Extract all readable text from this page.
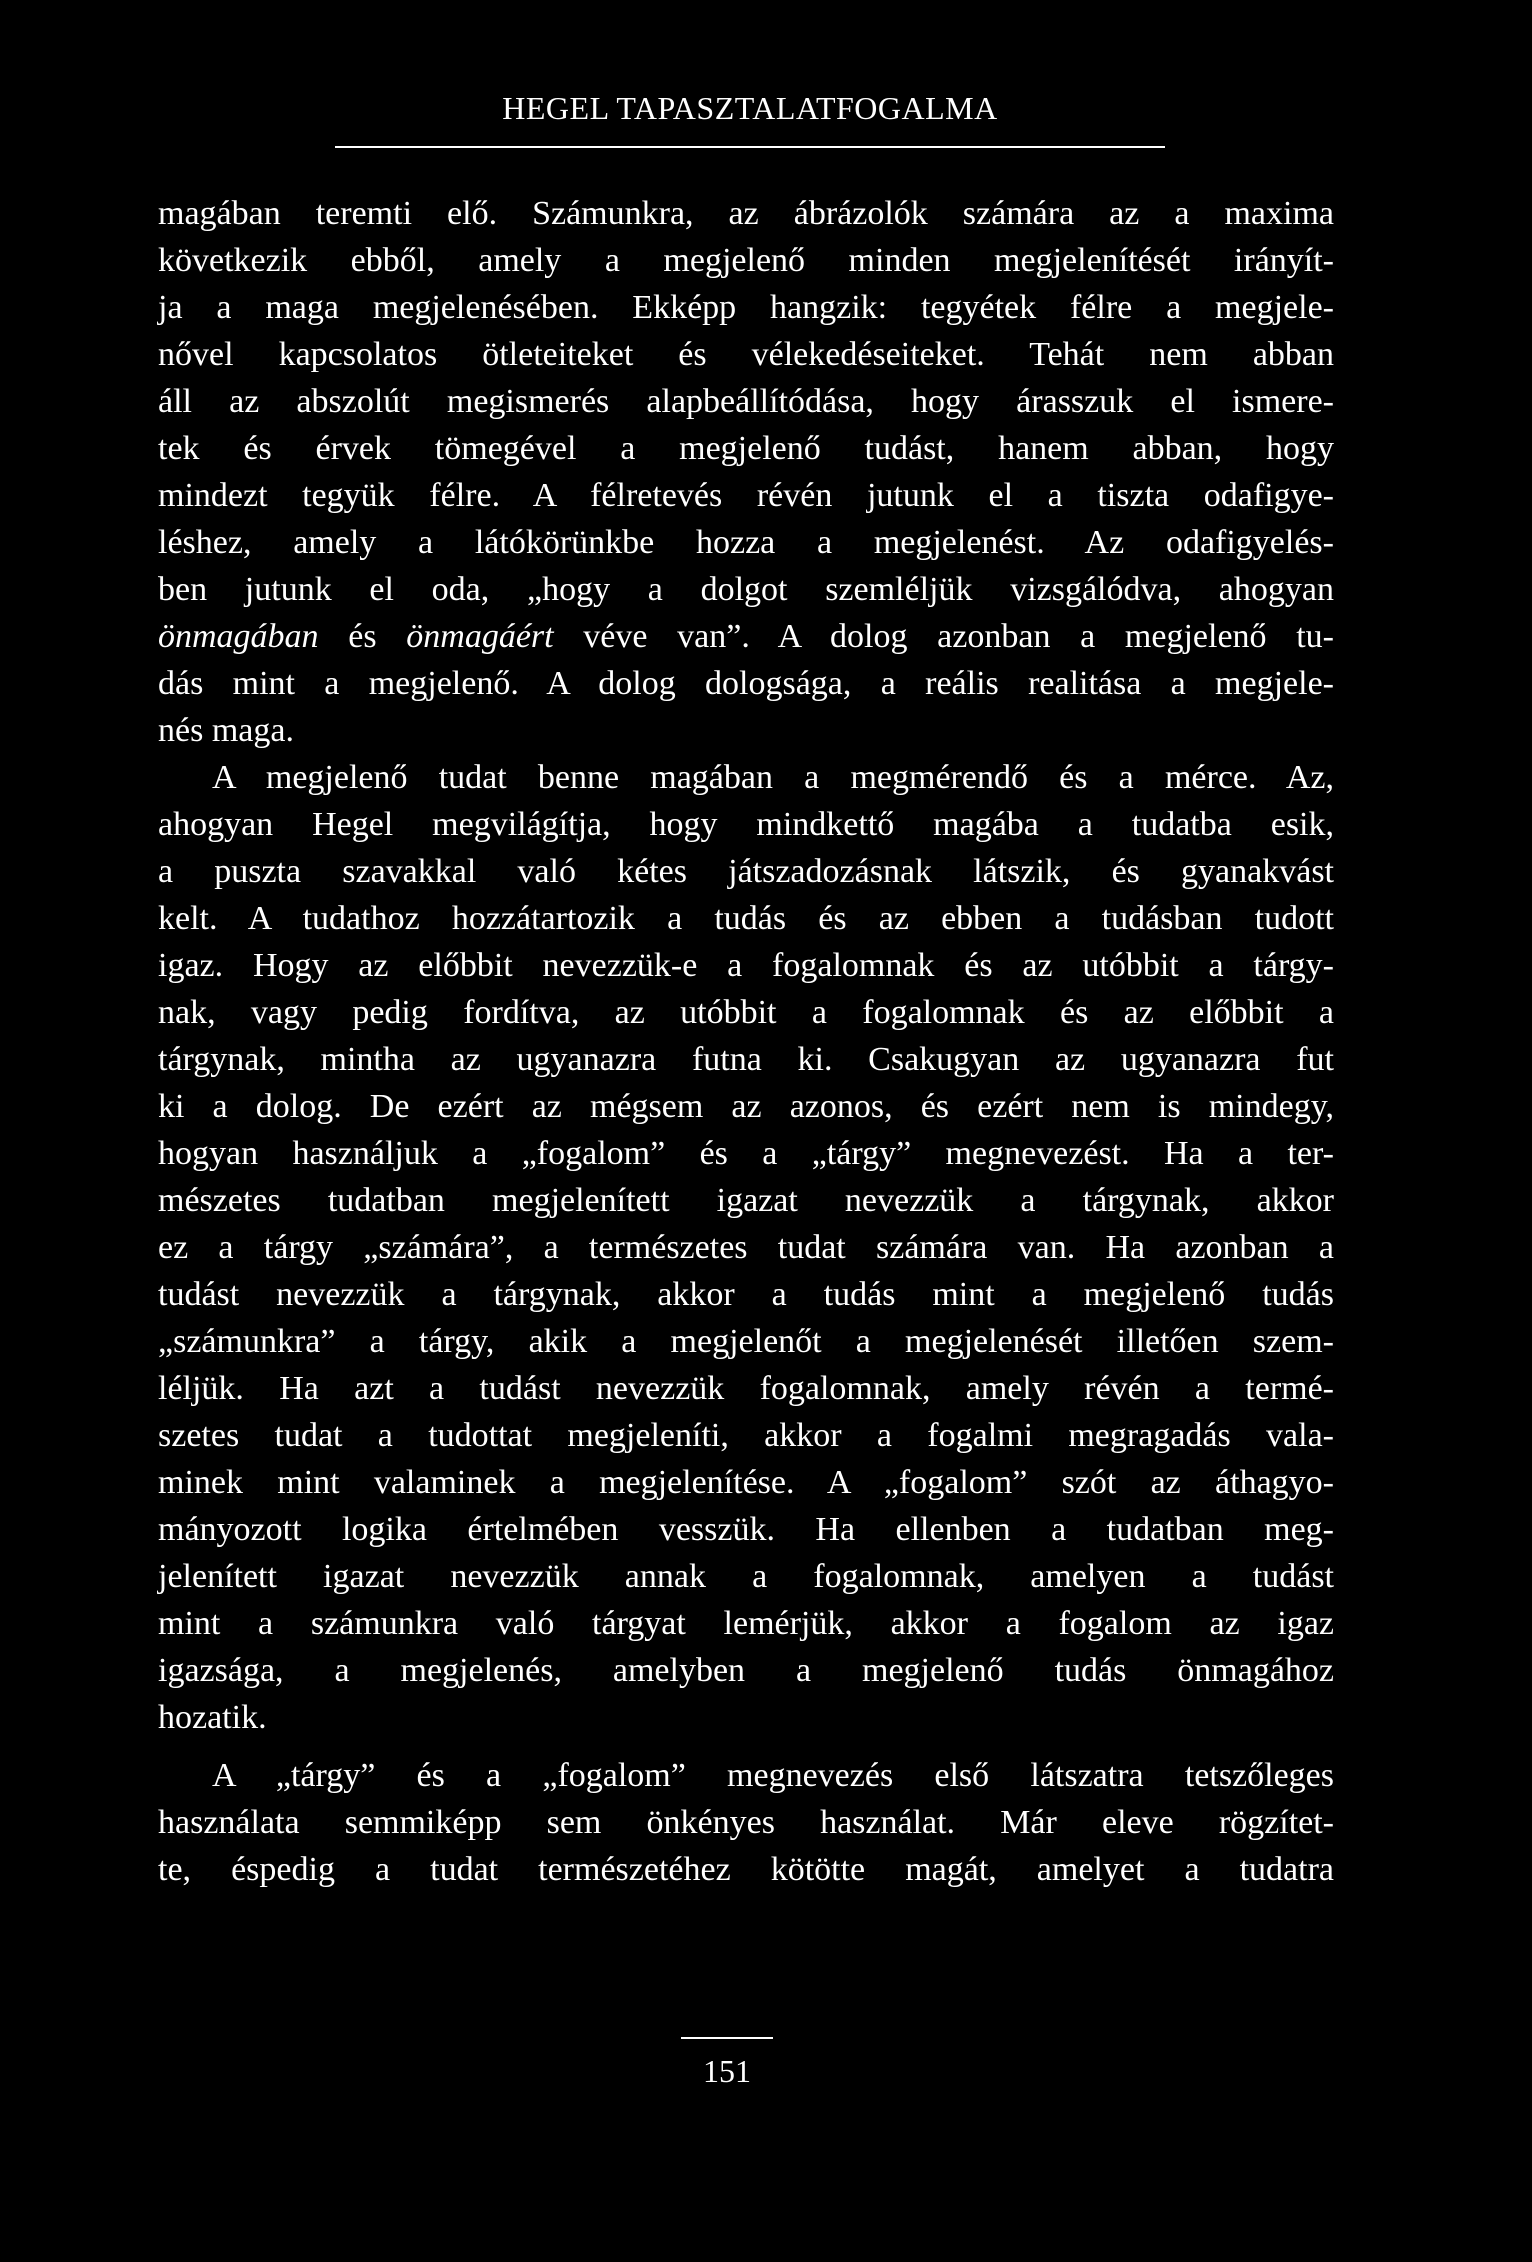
HEGEL TAPASZTALATFOGALMA
magában teremti elő. Számunkra, az ábrázolók számára az a maxima
következik ebből, amely a megjelenő minden megjelenítését irányít-
ja a maga megjelenésében. Ekképp hangzik: tegyétek félre a megjele-
nővel kapcsolatos ötleteiteket és vélekedéseiteket. Tehát nem abban
áll az abszolút megismerés alapbeállítódása, hogy árasszuk el ismere-
tek és érvek tömegével a megjelenő tudást, hanem abban, hogy
mindezt tegyük félre. A félretevés révén jutunk el a tiszta odafigye-
léshez, amely a látókörünkbe hozza a megjelenést. Az odafigyelés-
ben jutunk el oda, „hogy a dolgot szemléljük vizsgálódva, ahogyan
önmagában és önmagáért véve van”. A dolog azonban a megjelenő tu-
dás mint a megjelenő. A dolog dologsága, a reális realitása a megjele-
nés maga.
A megjelenő tudat benne magában a megmérendő és a mérce. Az,
ahogyan Hegel megvilágítja, hogy mindkettő magába a tudatba esik,
a puszta szavakkal való kétes játszadozásnak látszik, és gyanakvást
kelt. A tudathoz hozzátartozik a tudás és az ebben a tudásban tudott
igaz. Hogy az előbbit nevezzük-e a fogalomnak és az utóbbit a tárgy-
nak, vagy pedig fordítva, az utóbbit a fogalomnak és az előbbit a
tárgynak, mintha az ugyanazra futna ki. Csakugyan az ugyanazra fut
ki a dolog. De ezért az mégsem az azonos, és ezért nem is mindegy,
hogyan használjuk a „fogalom” és a „tárgy” megnevezést. Ha a ter-
mészetes tudatban megjelenített igazat nevezzük a tárgynak, akkor
ez a tárgy „számára”, a természetes tudat számára van. Ha azonban a
tudást nevezzük a tárgynak, akkor a tudás mint a megjelenő tudás
„számunkra” a tárgy, akik a megjelenőt a megjelenését illetően szem-
léljük. Ha azt a tudást nevezzük fogalomnak, amely révén a termé-
szetes tudat a tudottat megjeleníti, akkor a fogalmi megragadás vala-
minek mint valaminek a megjelenítése. A „fogalom” szót az áthagyo-
mányozott logika értelmében vesszük. Ha ellenben a tudatban meg-
jelenített igazat nevezzük annak a fogalomnak, amelyen a tudást
mint a számunkra való tárgyat lemérjük, akkor a fogalom az igaz
igazsága, a megjelenés, amelyben a megjelenő tudás önmagához
hozatik.
A „tárgy” és a „fogalom” megnevezés első látszatra tetszőleges
használata semmiképp sem önkényes használat. Már eleve rögzítet-
te, éspedig a tudat természetéhez kötötte magát, amelyet a tudatra
151
